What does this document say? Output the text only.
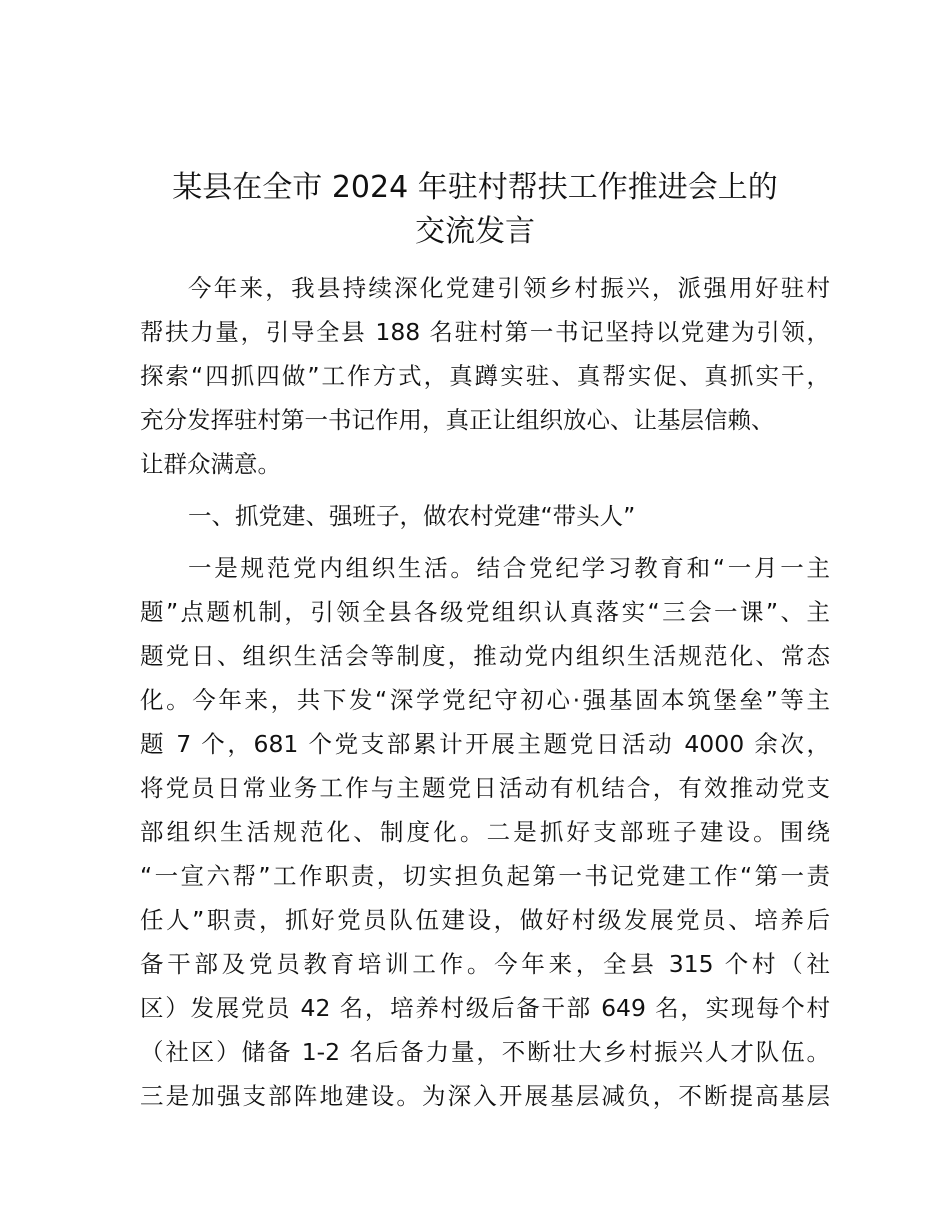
某县在全市 2024 年驻村帮扶工作推进会上的
交流发言
今年来，我县持续深化党建引领乡村振兴，派强用好驻村
帮扶力量，引导全县 188 名驻村第一书记坚持以党建为引领，
探索“四抓四做”工作方式，真蹲实驻、真帮实促、真抓实干，
充分发挥驻村第一书记作用，真正让组织放心、让基层信赖、
让群众满意。
一、抓党建、强班子，做农村党建“带头人”
一是规范党内组织生活。结合党纪学习教育和“一月一主
题”点题机制，引领全县各级党组织认真落实“三会一课”、主
题党日、组织生活会等制度，推动党内组织生活规范化、常态
化。今年来，共下发“深学党纪守初心·强基固本筑堡垒”等主
题 7 个，681 个党支部累计开展主题党日活动 4000 余次，
将党员日常业务工作与主题党日活动有机结合，有效推动党支
部组织生活规范化、制度化。二是抓好支部班子建设。围绕
“一宣六帮”工作职责，切实担负起第一书记党建工作“第一责
任人”职责，抓好党员队伍建设，做好村级发展党员、培养后
备干部及党员教育培训工作。今年来，全县 315 个村（社
区）发展党员 42 名，培养村级后备干部 649 名，实现每个村
（社区）储备 1-2 名后备力量，不断壮大乡村振兴人才队伍。
三是加强支部阵地建设。为深入开展基层减负，不断提高基层
